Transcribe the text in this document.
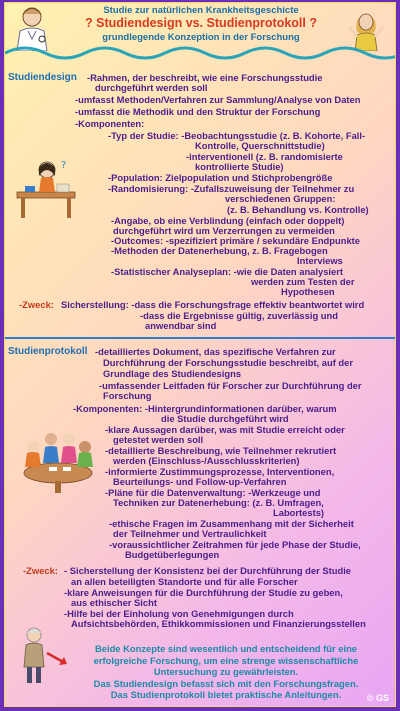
Studie zur natürlichen Krankheitsgeschicte
? Studiendesign vs. Studienprotokoll ?
grundlegende Konzeption in der Forschung
Studiendesign -Rahmen, der beschreibt, wie eine Forschungsstudie
durchgeführt werden soll
-umfasst Methoden/Verfahren zur Sammlung/Analyse von Daten
-umfasst die Methodik und den Struktur der Forschung
-Komponenten:
-Typ der Studie: -Beobachtungsstudie (z. B. Kohorte, Fall-
Kontrolle, Querschnittstudie)
-interventionell (z. B. randomisierte
kontrollierte Studie)
-Population: Zielpopulation und Stichprobengröße
-Randomisierung: -Zufallszuweisung der Teilnehmer zu
verschiedenen Gruppen:
(z. B. Behandlung vs. Kontrolle)
-Angabe, ob eine Verblindung (einfach oder doppelt)
durchgeführt wird um Verzerrungen zu vermeiden
-Outcomes: -spezifiziert primäre / sekundäre Endpunkte
-Methoden der Datenerhebung, z. B. Fragebogen
Interviews
-Statistischer Analyseplan: -wie die Daten analysiert
werden zum Testen der
Hypothesen
?
-Zweck: Sicherstellung: -dass die Forschungsfrage effektiv beantwortet wird
-dass die Ergebnisse gültig, zuverlässig und
anwendbar sind
Studienprotokoll -detailliertes Dokument, das spezifische Verfahren zur
Durchführung der Forschungsstudie beschreibt, auf der
Grundlage des Studiendesigns
-umfassender Leitfaden für Forscher zur Durchführung der
Forschung
-Komponenten: -Hintergrundinformationen darüber, warum
die Studie durchgeführt wird
-klare Aussagen darüber, was mit Studie erreicht oder
getestet werden soll
-detaillierte Beschreibung, wie Teilnehmer rekrutiert
werden (Einschluss-/Ausschlusskriterien)
-informierte Zustimmungsprozesse, Interventionen,
Beurteilungs- und Follow-up-Verfahren
-Pläne für die Datenverwaltung: -Werkzeuge und
Techniken zur Datenerhebung: (z. B. Umfragen,
Labortests)
-ethische Fragen im Zusammenhang mit der Sicherheit
der Teilnehmer und Vertraulichkeit
-voraussichtlicher Zeitrahmen für jede Phase der Studie,
Budgetüberlegungen
-Zweck: - Sicherstellung der Konsistenz bei der Durchführung der Studie
an allen beteiligten Standorte und für alle Forscher
-klare Anweisungen für die Durchführung der Studie zu geben,
aus ethischer Sicht
-Hilfe bei der Einholung von Genehmigungen durch
Aufsichtsbehörden, Ethikkommissionen und Finanzierungsstellen
Beide Konzepte sind wesentlich und entscheidend für eine
erfolgreiche Forschung, um eine strenge wissenschaftliche
Untersuchung zu gewährleisten.
Das Studiendesign befasst sich mit den Forschungsfragen.
Das Studienprotokoll bietet praktische Anleitungen.	© GS
